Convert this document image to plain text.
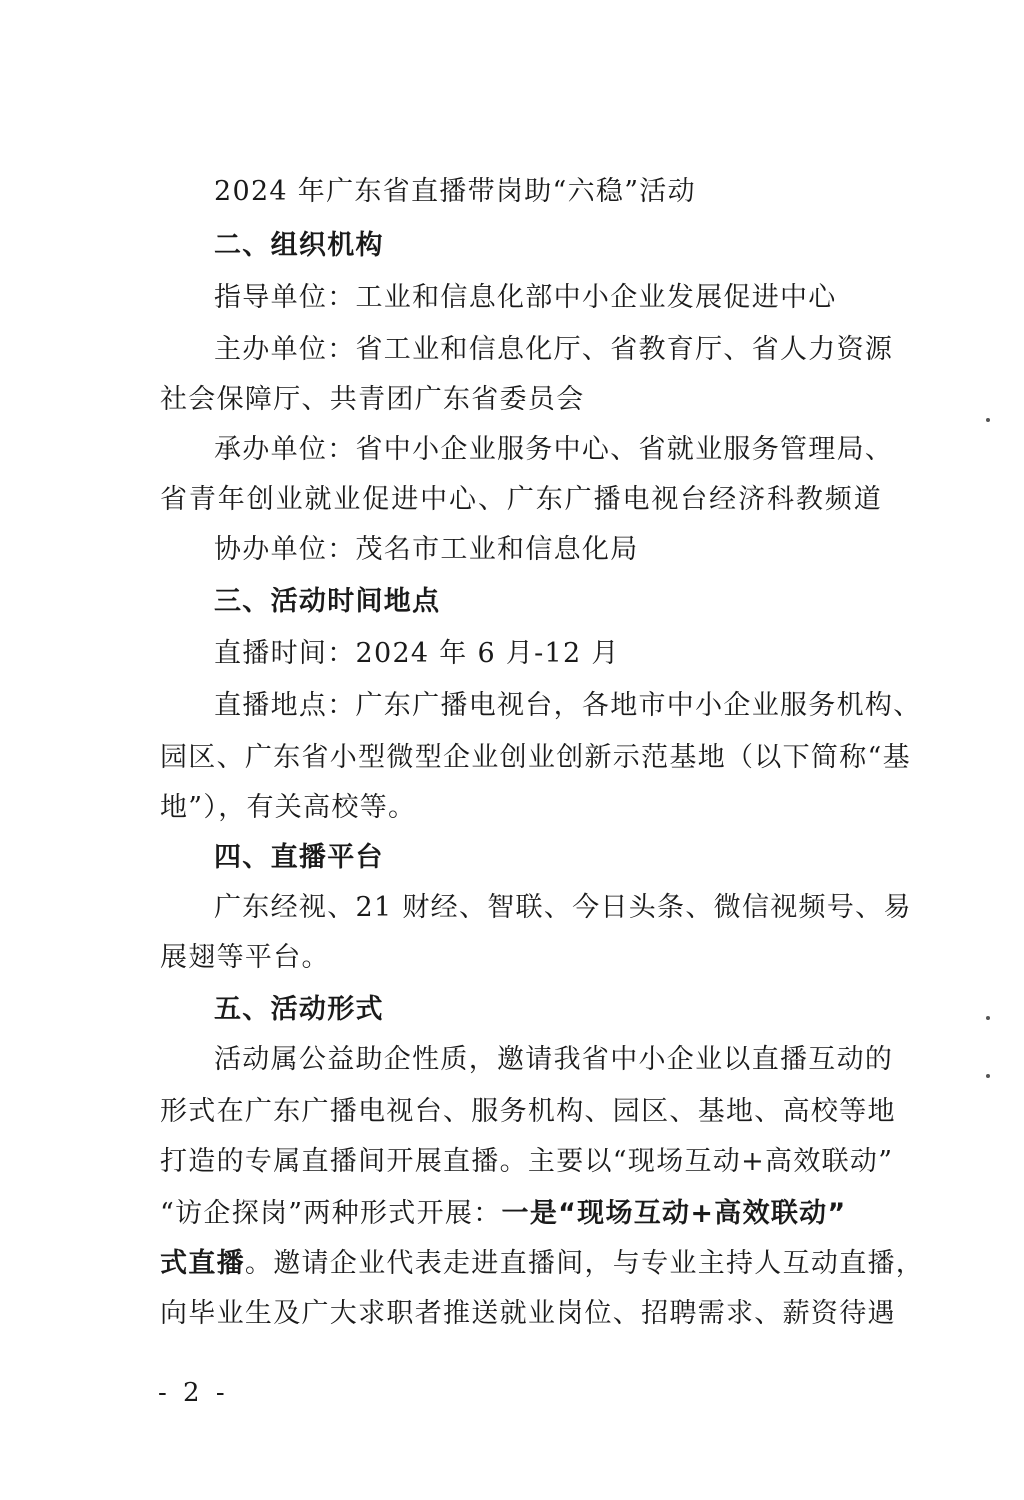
2024 年广东省直播带岗助“六稳”活动
二、组织机构
指导单位：工业和信息化部中小企业发展促进中心
主办单位：省工业和信息化厅、省教育厅、省人力资源
社会保障厅、共青团广东省委员会
承办单位：省中小企业服务中心、省就业服务管理局、
省青年创业就业促进中心、广东广播电视台经济科教频道
协办单位：茂名市工业和信息化局
三、活动时间地点
直播时间：2024 年 6 月-12 月
直播地点：广东广播电视台，各地市中小企业服务机构、
园区、广东省小型微型企业创业创新示范基地（以下简称“基
地”），有关高校等。
四、直播平台
广东经视、21 财经、智联、今日头条、微信视频号、易
展翅等平台。
五、活动形式
活动属公益助企性质，邀请我省中小企业以直播互动的
形式在广东广播电视台、服务机构、园区、基地、高校等地
打造的专属直播间开展直播。主要以“现场互动+高效联动”
“访企探岗”两种形式开展：一是“现场互动+高效联动”
式直播。邀请企业代表走进直播间，与专业主持人互动直播，
向毕业生及广大求职者推送就业岗位、招聘需求、薪资待遇
- 2 -
